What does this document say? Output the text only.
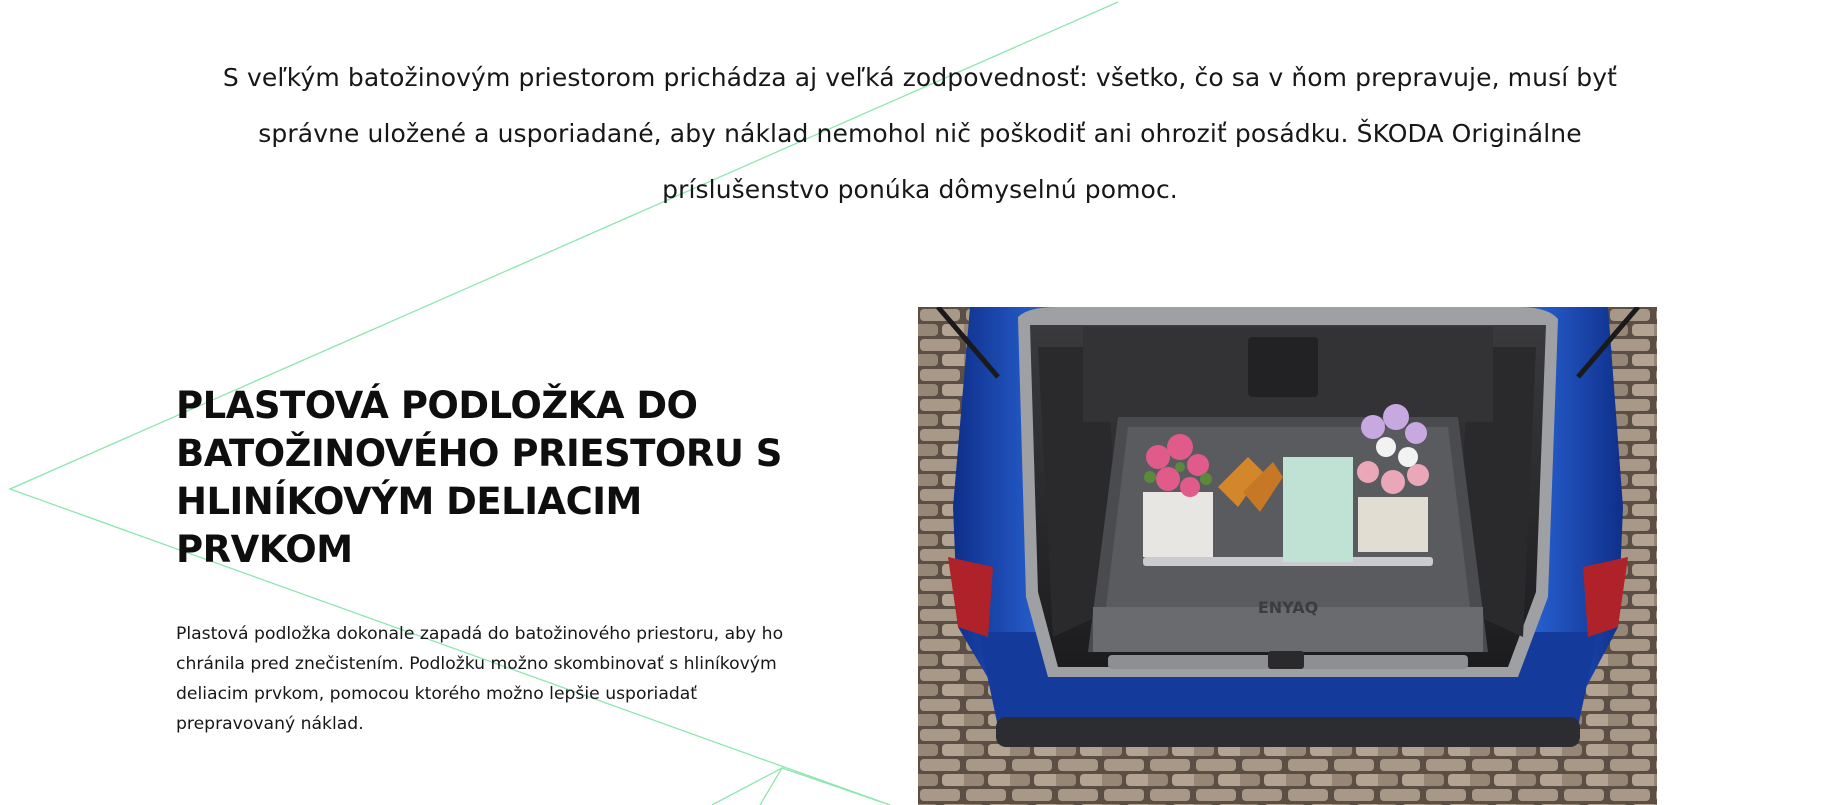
S veľkým batožinovým priestorom prichádza aj veľká zodpovednosť: všetko, čo sa v ňom prepravuje, musí byť správne uložené a usporiadané, aby náklad nemohol nič poškodiť ani ohroziť posádku. ŠKODA Originálne príslušenstvo ponúka dômyselnú pomoc.

PLASTOVÁ PODLOŽKA DO BATOŽINOVÉHO PRIESTORU S HLINÍKOVÝM DELIACIM PRVKOM

Plastová podložka dokonale zapadá do batožinového priestoru, aby ho chránila pred znečistením. Podložku možno skombinovať s hliníkovým deliacim prvkom, pomocou ktorého možno lepšie usporiadať prepravovaný náklad.

ENYAQ
